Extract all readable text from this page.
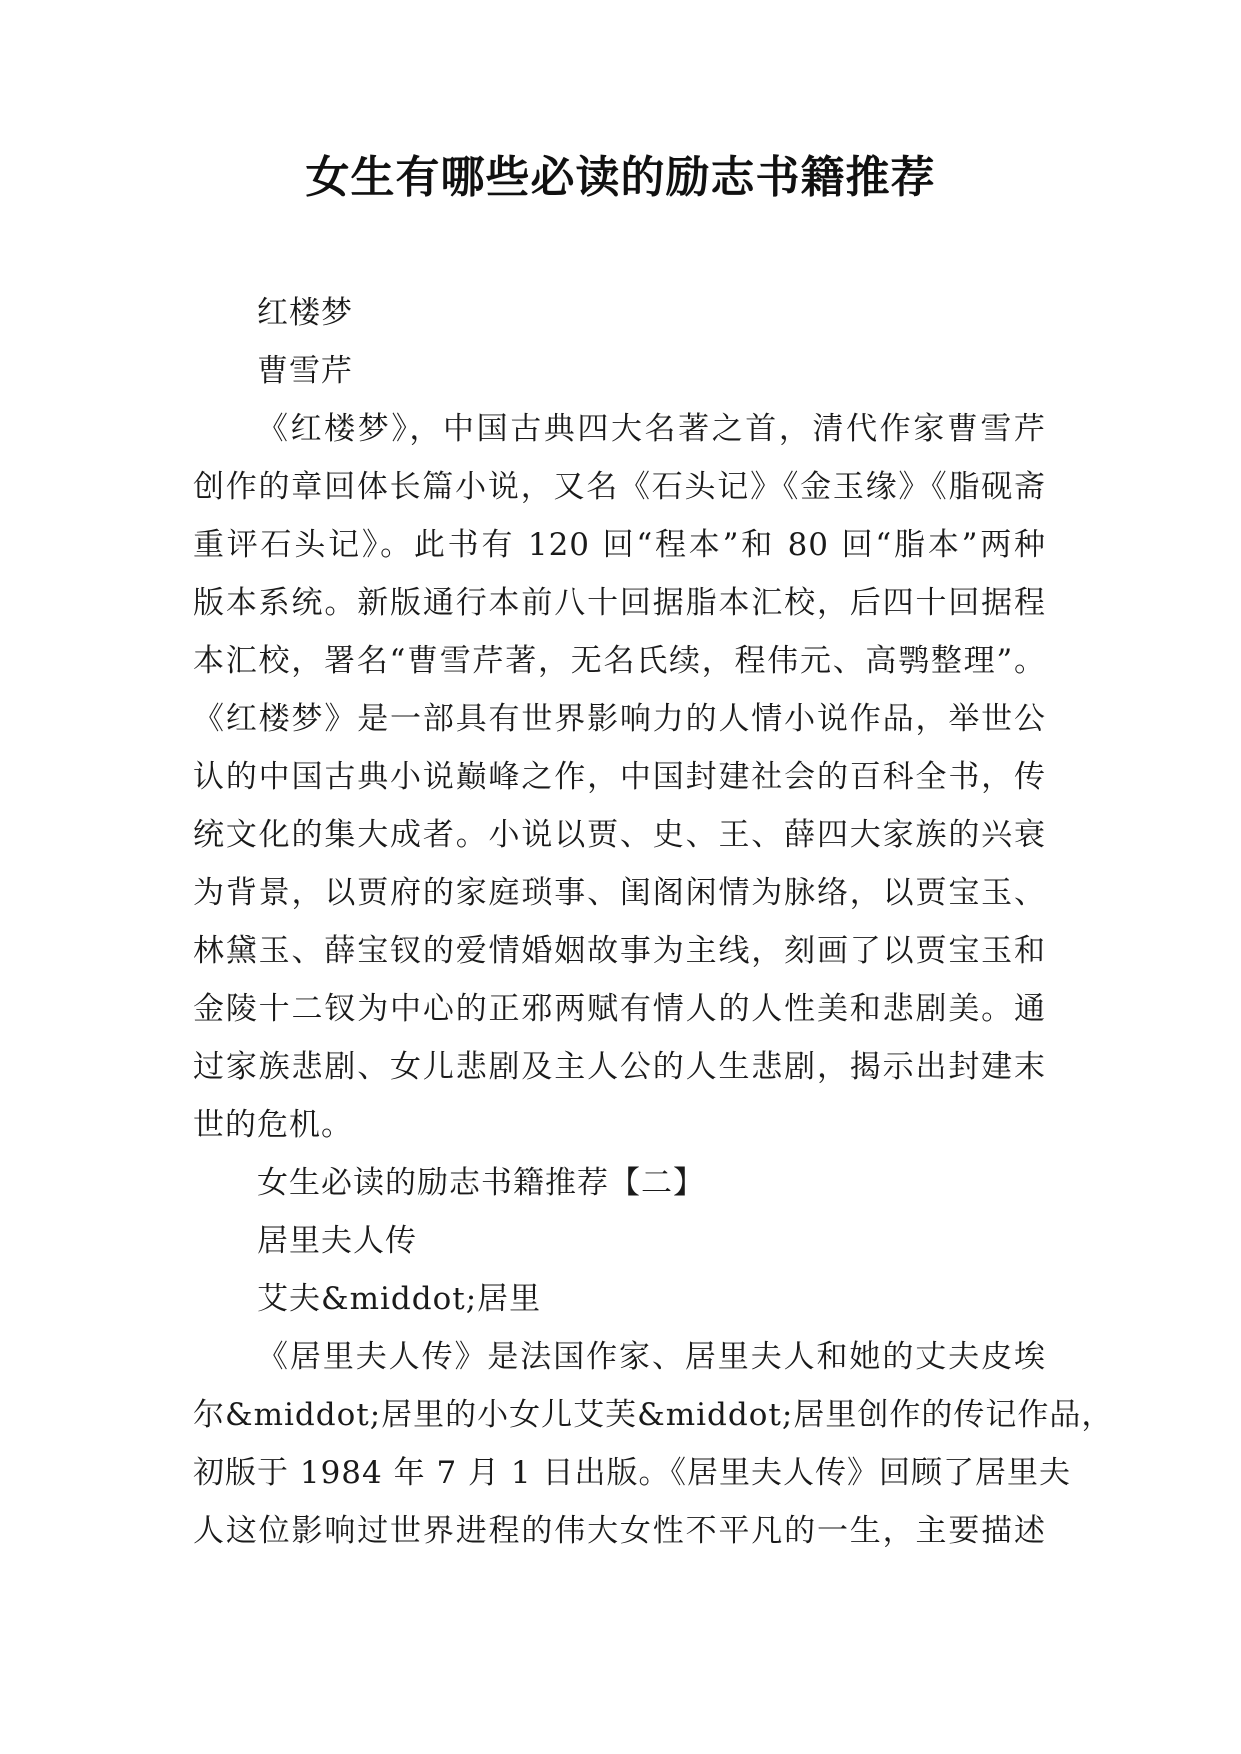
女生有哪些必读的励志书籍推荐

红楼梦

曹雪芹

《红楼梦》，中国古典四大名著之首，清代作家曹雪芹

创作的章回体长篇小说，又名《石头记》《金玉缘》《脂砚斋

重评石头记》。此书有 120 回“程本”和 80 回“脂本”两种

版本系统。新版通行本前八十回据脂本汇校，后四十回据程

本汇校，署名“曹雪芹著，无名氏续，程伟元、高鹗整理”。

《红楼梦》是一部具有世界影响力的人情小说作品，举世公

认的中国古典小说巅峰之作，中国封建社会的百科全书，传

统文化的集大成者。小说以贾、史、王、薛四大家族的兴衰

为背景，以贾府的家庭琐事、闺阁闲情为脉络，以贾宝玉、

林黛玉、薛宝钗的爱情婚姻故事为主线，刻画了以贾宝玉和

金陵十二钗为中心的正邪两赋有情人的人性美和悲剧美。通

过家族悲剧、女儿悲剧及主人公的人生悲剧，揭示出封建末

世的危机。

女生必读的励志书籍推荐【二】

居里夫人传

艾夫&middot;居里

《居里夫人传》是法国作家、居里夫人和她的丈夫皮埃

尔&middot;居里的小女儿艾芙&middot;居里创作的传记作品，

初版于 1984 年 7 月 1 日出版。《居里夫人传》回顾了居里夫

人这位影响过世界进程的伟大女性不平凡的一生，主要描述
